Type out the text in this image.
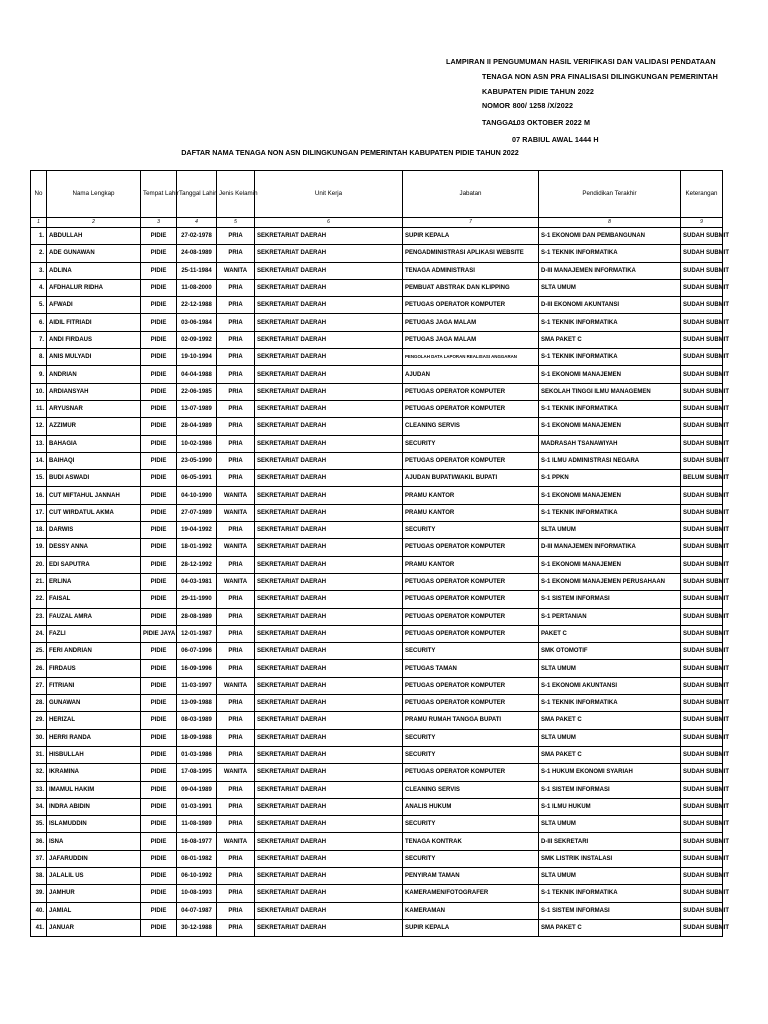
LAMPIRAN II PENGUMUMAN HASIL VERIFIKASI DAN VALIDASI PENDATAAN
TENAGA NON ASN PRA FINALISASI DILINGKUNGAN PEMERINTAH
KABUPATEN PIDIE TAHUN 2022
NOMOR
: 800/ 1258 /X/2022
TANGGAL
: 03 OKTOBER 2022 M
07 RABIUL AWAL 1444 H
DAFTAR NAMA TENAGA NON ASN DILINGKUNGAN PEMERINTAH KABUPATEN PIDIE TAHUN 2022
No	Nama Lengkap	Tempat Lahir	Tanggal Lahir	Jenis Kelamin	Unit Kerja	Jabatan	Pendidikan Terakhir	Keterangan
1	2	3	4	5	6	7	8	9
1.	ABDULLAH	PIDIE	27-02-1978	PRIA	SEKRETARIAT DAERAH	SUPIR KEPALA	S-1 EKONOMI DAN PEMBANGUNAN	SUDAH SUBMIT
2.	ADE GUNAWAN	PIDIE	24-08-1989	PRIA	SEKRETARIAT DAERAH	PENGADMINISTRASI APLIKASI WEBSITE	S-1 TEKNIK INFORMATIKA	SUDAH SUBMIT
3.	ADLINA	PIDIE	25-11-1984	WANITA	SEKRETARIAT DAERAH	TENAGA ADMINISTRASI	D-III MANAJEMEN INFORMATIKA	SUDAH SUBMIT
4.	AFDHALUR RIDHA	PIDIE	11-08-2000	PRIA	SEKRETARIAT DAERAH	PEMBUAT ABSTRAK DAN KLIPPING	SLTA UMUM	SUDAH SUBMIT
5.	AFWADI	PIDIE	22-12-1988	PRIA	SEKRETARIAT DAERAH	PETUGAS OPERATOR KOMPUTER	D-III EKONOMI AKUNTANSI	SUDAH SUBMIT
6.	AIDIL FITRIADI	PIDIE	03-06-1984	PRIA	SEKRETARIAT DAERAH	PETUGAS JAGA MALAM	S-1 TEKNIK INFORMATIKA	SUDAH SUBMIT
7.	ANDI FIRDAUS	PIDIE	02-09-1992	PRIA	SEKRETARIAT DAERAH	PETUGAS JAGA MALAM	SMA PAKET C	SUDAH SUBMIT
8.	ANIS MULYADI	PIDIE	19-10-1994	PRIA	SEKRETARIAT DAERAH	PENGOLAH DATA LAPORAN REALISASI ANGGARAN	S-1 TEKNIK INFORMATIKA	SUDAH SUBMIT
9.	ANDRIAN	PIDIE	04-04-1988	PRIA	SEKRETARIAT DAERAH	AJUDAN	S-1 EKONOMI MANAJEMEN	SUDAH SUBMIT
10.	ARDIANSYAH	PIDIE	22-06-1985	PRIA	SEKRETARIAT DAERAH	PETUGAS OPERATOR KOMPUTER	SEKOLAH TINGGI ILMU MANAGEMEN	SUDAH SUBMIT
11.	ARYUSNAR	PIDIE	13-07-1989	PRIA	SEKRETARIAT DAERAH	PETUGAS OPERATOR KOMPUTER	S-1 TEKNIK INFORMATIKA	SUDAH SUBMIT
12.	AZZIMUR	PIDIE	28-04-1989	PRIA	SEKRETARIAT DAERAH	CLEANING SERVIS	S-1 EKONOMI MANAJEMEN	SUDAH SUBMIT
13.	BAHAGIA	PIDIE	10-02-1986	PRIA	SEKRETARIAT DAERAH	SECURITY	MADRASAH TSANAWIYAH	SUDAH SUBMIT
14.	BAIHAQI	PIDIE	23-05-1990	PRIA	SEKRETARIAT DAERAH	PETUGAS OPERATOR KOMPUTER	S-1 ILMU ADMINISTRASI NEGARA	SUDAH SUBMIT
15.	BUDI ASWADI	PIDIE	06-05-1991	PRIA	SEKRETARIAT DAERAH	AJUDAN BUPATI/WAKIL BUPATI	S-1 PPKN	BELUM SUBMIT
16.	CUT MIFTAHUL JANNAH	PIDIE	04-10-1990	WANITA	SEKRETARIAT DAERAH	PRAMU KANTOR	S-1 EKONOMI MANAJEMEN	SUDAH SUBMIT
17.	CUT WIRDATUL AKMA	PIDIE	27-07-1989	WANITA	SEKRETARIAT DAERAH	PRAMU KANTOR	S-1 TEKNIK INFORMATIKA	SUDAH SUBMIT
18.	DARWIS	PIDIE	19-04-1992	PRIA	SEKRETARIAT DAERAH	SECURITY	SLTA UMUM	SUDAH SUBMIT
19.	DESSY ANNA	PIDIE	18-01-1992	WANITA	SEKRETARIAT DAERAH	PETUGAS OPERATOR KOMPUTER	D-III MANAJEMEN INFORMATIKA	SUDAH SUBMIT
20.	EDI SAPUTRA	PIDIE	28-12-1992	PRIA	SEKRETARIAT DAERAH	PRAMU KANTOR	S-1 EKONOMI MANAJEMEN	SUDAH SUBMIT
21.	ERLINA	PIDIE	04-03-1981	WANITA	SEKRETARIAT DAERAH	PETUGAS OPERATOR KOMPUTER	S-1 EKONOMI MANAJEMEN PERUSAHAAN	SUDAH SUBMIT
22.	FAISAL	PIDIE	29-11-1990	PRIA	SEKRETARIAT DAERAH	PETUGAS OPERATOR KOMPUTER	S-1 SISTEM INFORMASI	SUDAH SUBMIT
23.	FAUZAL AMRA	PIDIE	28-08-1989	PRIA	SEKRETARIAT DAERAH	PETUGAS OPERATOR KOMPUTER	S-1 PERTANIAN	SUDAH SUBMIT
24.	FAZLI	PIDIE JAYA	12-01-1987	PRIA	SEKRETARIAT DAERAH	PETUGAS OPERATOR KOMPUTER	PAKET C	SUDAH SUBMIT
25.	FERI ANDRIAN	PIDIE	06-07-1996	PRIA	SEKRETARIAT DAERAH	SECURITY	SMK OTOMOTIF	SUDAH SUBMIT
26.	FIRDAUS	PIDIE	16-09-1996	PRIA	SEKRETARIAT DAERAH	PETUGAS TAMAN	SLTA UMUM	SUDAH SUBMIT
27.	FITRIANI	PIDIE	11-03-1997	WANITA	SEKRETARIAT DAERAH	PETUGAS OPERATOR KOMPUTER	S-1 EKONOMI AKUNTANSI	SUDAH SUBMIT
28.	GUNAWAN	PIDIE	13-09-1988	PRIA	SEKRETARIAT DAERAH	PETUGAS OPERATOR KOMPUTER	S-1 TEKNIK INFORMATIKA	SUDAH SUBMIT
29.	HERIZAL	PIDIE	08-03-1989	PRIA	SEKRETARIAT DAERAH	PRAMU RUMAH TANGGA BUPATI	SMA PAKET C	SUDAH SUBMIT
30.	HERRI RANDA	PIDIE	18-09-1988	PRIA	SEKRETARIAT DAERAH	SECURITY	SLTA UMUM	SUDAH SUBMIT
31.	HISBULLAH	PIDIE	01-03-1986	PRIA	SEKRETARIAT DAERAH	SECURITY	SMA PAKET C	SUDAH SUBMIT
32.	IKRAMINA	PIDIE	17-08-1995	WANITA	SEKRETARIAT DAERAH	PETUGAS OPERATOR KOMPUTER	S-1 HUKUM EKONOMI SYARIAH	SUDAH SUBMIT
33.	IMAMUL HAKIM	PIDIE	09-04-1989	PRIA	SEKRETARIAT DAERAH	CLEANING SERVIS	S-1 SISTEM INFORMASI	SUDAH SUBMIT
34.	INDRA ABIDIN	PIDIE	01-03-1991	PRIA	SEKRETARIAT DAERAH	ANALIS HUKUM	S-1 ILMU HUKUM	SUDAH SUBMIT
35.	ISLAMUDDIN	PIDIE	11-08-1989	PRIA	SEKRETARIAT DAERAH	SECURITY	SLTA UMUM	SUDAH SUBMIT
36.	ISNA	PIDIE	16-08-1977	WANITA	SEKRETARIAT DAERAH	TENAGA KONTRAK	D-III SEKRETARI	SUDAH SUBMIT
37.	JAFARUDDIN	PIDIE	08-01-1982	PRIA	SEKRETARIAT DAERAH	SECURITY	SMK LISTRIK INSTALASI	SUDAH SUBMIT
38.	JALALIL US	PIDIE	06-10-1992	PRIA	SEKRETARIAT DAERAH	PENYIRAM TAMAN	SLTA UMUM	SUDAH SUBMIT
39.	JAMHUR	PIDIE	10-08-1993	PRIA	SEKRETARIAT DAERAH	KAMERAMEN/FOTOGRAFER	S-1 TEKNIK INFORMATIKA	SUDAH SUBMIT
40.	JAMIAL	PIDIE	04-07-1987	PRIA	SEKRETARIAT DAERAH	KAMERAMAN	S-1 SISTEM INFORMASI	SUDAH SUBMIT
41.	JANUAR	PIDIE	30-12-1988	PRIA	SEKRETARIAT DAERAH	SUPIR KEPALA	SMA PAKET C	SUDAH SUBMIT
